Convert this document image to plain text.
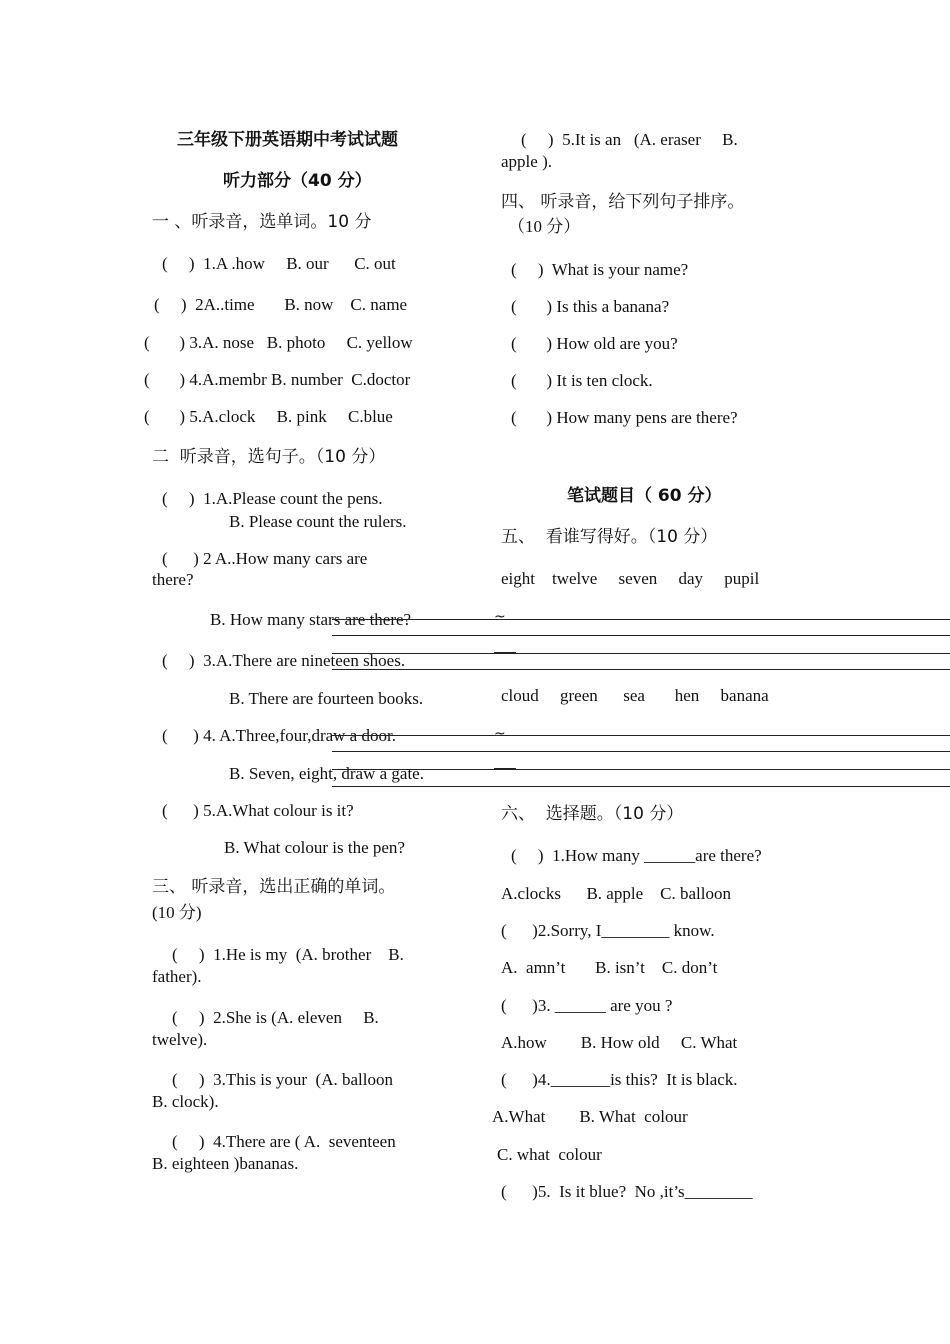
三年级下册英语期中考试试题
听力部分（40 分）
一 、听录音，选单词。10 分
(     )  1.A .how     B. our      C. out
(     )  2A..time       B. now    C. name
(       ) 3.A. nose   B. photo     C. yellow
(       ) 4.A.membr B. number  C.doctor
(       ) 5.A.clock     B. pink     C.blue
二  听录音，选句子。（10 分）
(     )  1.A.Please count the pens.
B. Please count the rulers.
(      ) 2 A..How many cars are
there?
B. How many stars are there?
(     )  3.A.There are nineteen shoes.
B. There are fourteen books.
(      ) 4. A.Three,four,draw a door.
B. Seven, eight, draw a gate.
(      ) 5.A.What colour is it?
B. What colour is the pen?
三、 听录音，选出正确的单词。
(10 分)
(     )  1.He is my  (A. brother    B.
father).
(     )  2.She is (A. eleven     B.
twelve).
(     )  3.This is your  (A. balloon
B. clock).
(     )  4.There are ( A.  seventeen
B. eighteen )bananas.
(     )  5.It is an   (A. eraser     B.
apple ).
四、 听录音，给下列句子排序。
（10 分）
(     )  What is your name?
(       ) Is this a banana?
(       ) How old are you?
(       ) It is ten clock.
(       ) How many pens are there?
笔试题目（ 60 分）
五、  看谁写得好。（10 分）
eight    twelve     seven     day     pupil
~
cloud     green      sea       hen     banana
~
六、  选择题。（10 分）
(     )  1.How many ______are there?
A.clocks      B. apple    C. balloon
(      )2.Sorry, I________ know.
A.  amn’t       B. isn’t    C. don’t
(      )3. ______ are you ?
A.how        B. How old     C. What
(      )4._______is this?  It is black.
A.What        B. What  colour
C. what  colour
(      )5.  Is it blue?  No ,it’s________
